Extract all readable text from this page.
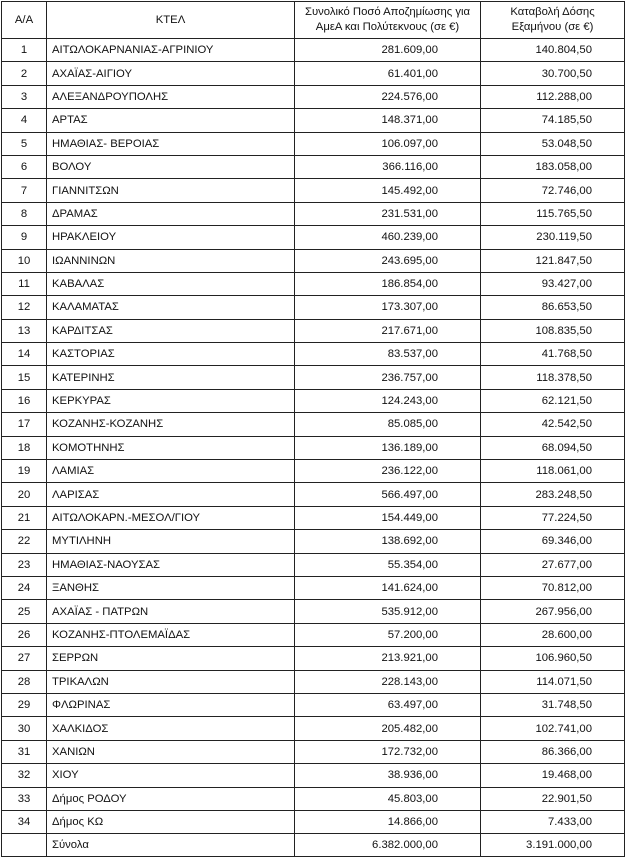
Α/Α	ΚΤΕΛ	Συνολικό Ποσό Αποζημίωσης για ΑμεΑ και Πολύτεκνους (σε €)	Καταβολή Δόσης Εξαμήνου (σε €)
1	ΑΙΤΩΛΟΚΑΡΝΑΝΙΑΣ-ΑΓΡΙΝΙΟΥ	281.609,00	140.804,50
2	ΑΧΑΪΑΣ-ΑΙΓΙΟΥ	61.401,00	30.700,50
3	ΑΛΕΞΑΝΔΡΟΥΠΟΛΗΣ	224.576,00	112.288,00
4	ΑΡΤΑΣ	148.371,00	74.185,50
5	ΗΜΑΘΙΑΣ- ΒΕΡΟΙΑΣ	106.097,00	53.048,50
6	ΒΟΛΟΥ	366.116,00	183.058,00
7	ΓΙΑΝΝΙΤΣΩΝ	145.492,00	72.746,00
8	ΔΡΑΜΑΣ	231.531,00	115.765,50
9	ΗΡΑΚΛΕΙΟΥ	460.239,00	230.119,50
10	ΙΩΑΝΝΙΝΩΝ	243.695,00	121.847,50
11	ΚΑΒΑΛΑΣ	186.854,00	93.427,00
12	ΚΑΛΑΜΑΤΑΣ	173.307,00	86.653,50
13	ΚΑΡΔΙΤΣΑΣ	217.671,00	108.835,50
14	ΚΑΣΤΟΡΙΑΣ	83.537,00	41.768,50
15	ΚΑΤΕΡΙΝΗΣ	236.757,00	118.378,50
16	ΚΕΡΚΥΡΑΣ	124.243,00	62.121,50
17	ΚΟΖΑΝΗΣ-ΚΟΖΑΝΗΣ	85.085,00	42.542,50
18	ΚΟΜΟΤΗΝΗΣ	136.189,00	68.094,50
19	ΛΑΜΙΑΣ	236.122,00	118.061,00
20	ΛΑΡΙΣΑΣ	566.497,00	283.248,50
21	ΑΙΤΩΛΟΚΑΡΝ.-ΜΕΣΟΛ/ΓΙΟΥ	154.449,00	77.224,50
22	ΜΥΤΙΛΗΝΗ	138.692,00	69.346,00
23	ΗΜΑΘΙΑΣ-ΝΑΟΥΣΑΣ	55.354,00	27.677,00
24	ΞΑΝΘΗΣ	141.624,00	70.812,00
25	ΑΧΑΪΑΣ - ΠΑΤΡΩΝ	535.912,00	267.956,00
26	ΚΟΖΑΝΗΣ-ΠΤΟΛΕΜΑΪΔΑΣ	57.200,00	28.600,00
27	ΣΕΡΡΩΝ	213.921,00	106.960,50
28	ΤΡΙΚΑΛΩΝ	228.143,00	114.071,50
29	ΦΛΩΡΙΝΑΣ	63.497,00	31.748,50
30	ΧΑΛΚΙΔΟΣ	205.482,00	102.741,00
31	ΧΑΝΙΩΝ	172.732,00	86.366,00
32	ΧΙΟΥ	38.936,00	19.468,00
33	Δήμος ΡΟΔΟΥ	45.803,00	22.901,50
34	Δήμος ΚΩ	14.866,00	7.433,00
	Σύνολα	6.382.000,00	3.191.000,00
